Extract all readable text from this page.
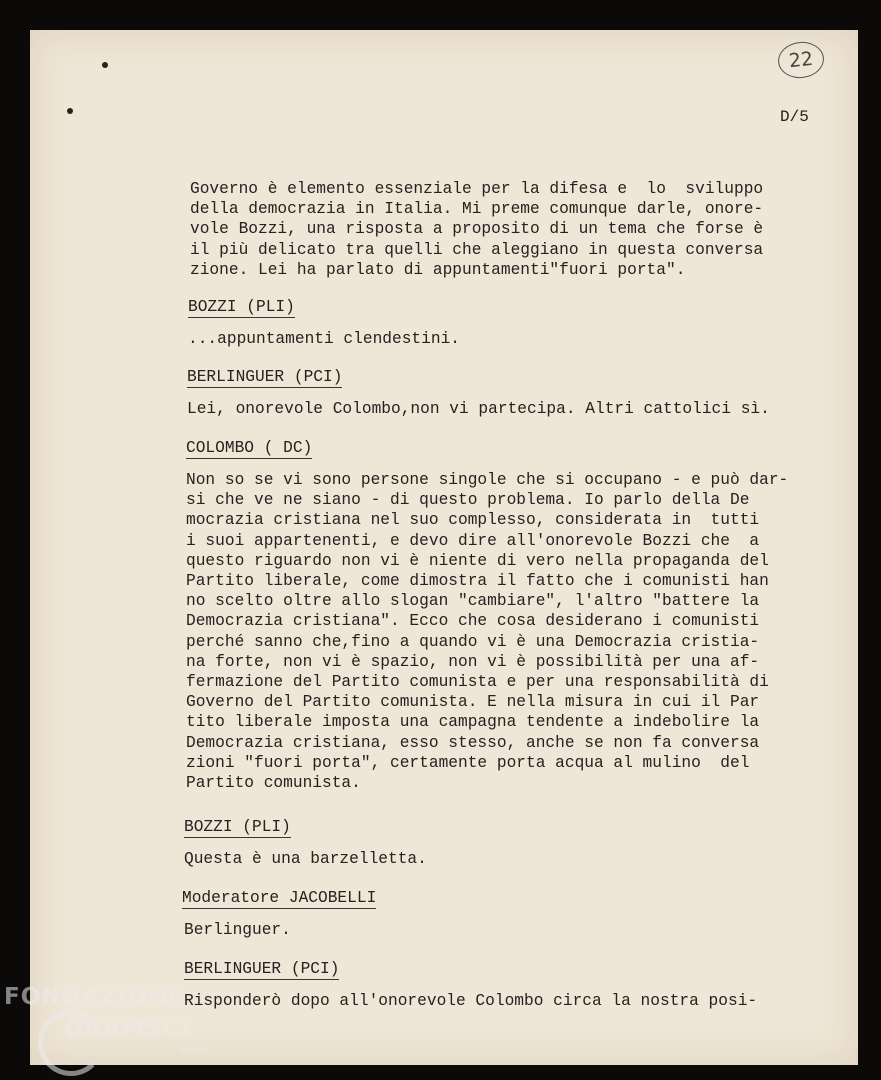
22
D/5
Governo è elemento essenziale per la difesa e  lo  sviluppo
della democrazia in Italia. Mi preme comunque darle, onore-
vole Bozzi, una risposta a proposito di un tema che forse è
il più delicato tra quelli che aleggiano in questa conversa
zione. Lei ha parlato di appuntamenti"fuori porta".
BOZZI (PLI)
...appuntamenti clendestini.
BERLINGUER (PCI)
Lei, onorevole Colombo,non vi partecipa. Altri cattolici sì.
COLOMBO ( DC)
Non so se vi sono persone singole che si occupano - e può dar-
si che ve ne siano - di questo problema. Io parlo della De
mocrazia cristiana nel suo complesso, considerata in  tutti
i suoi appartenenti, e devo dire all'onorevole Bozzi che  a
questo riguardo non vi è niente di vero nella propaganda del
Partito liberale, come dimostra il fatto che i comunisti han
no scelto oltre allo slogan "cambiare", l'altro "battere la
Democrazia cristiana". Ecco che cosa desiderano i comunisti
perché sanno che,fino a quando vi è una Democrazia cristia-
na forte, non vi è spazio, non vi è possibilità per una af-
fermazione del Partito comunista e per una responsabilità di
Governo del Partito comunista. E nella misura in cui il Par
tito liberale imposta una campagna tendente a indebolire la
Democrazia cristiana, esso stesso, anche se non fa conversa
zioni "fuori porta", certamente porta acqua al mulino  del
Partito comunista.
BOZZI (PLI)
Questa è una barzelletta.
Moderatore JACOBELLI
Berlinguer.
BERLINGUER (PCI)
Risponderò dopo all'onorevole Colombo circa la nostra posi-
FONDAZIONE
GRAMSCI
onlus
